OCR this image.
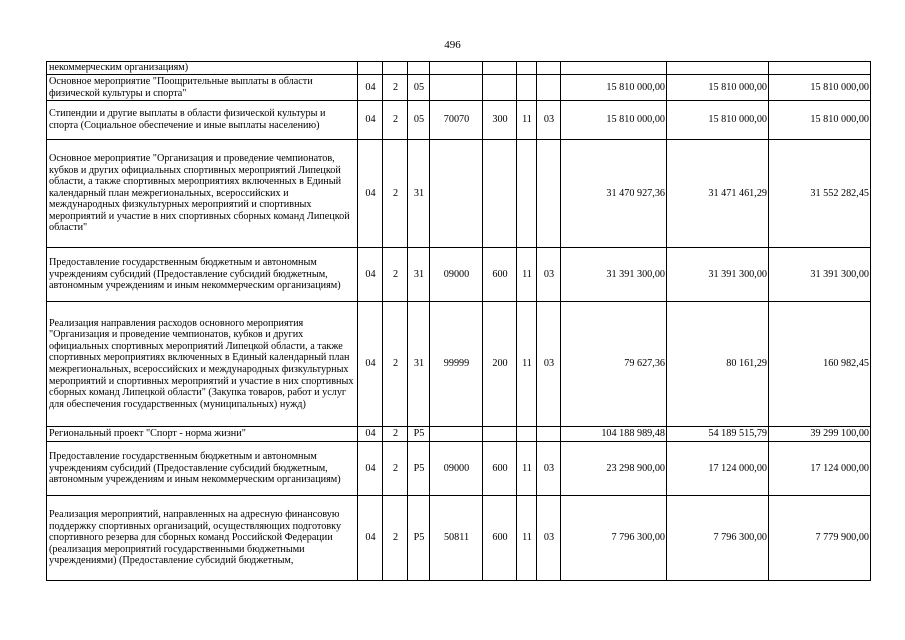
496
некоммерческим организациям)										
Основное мероприятие "Поощрительные выплаты в области физической культуры и спорта"	04	2	05					15 810 000,00	15 810 000,00	15 810 000,00
Стипендии и другие выплаты в области физической культуры и спорта (Социальное обеспечение и иные выплаты населению)	04	2	05	70070	300	11	03	15 810 000,00	15 810 000,00	15 810 000,00
Основное мероприятие "Организация и проведение чемпионатов, кубков и других официальных спортивных мероприятий Липецкой области, а также спортивных мероприятиях включенных в Единый календарный план межрегиональных, всероссийских и международных физкультурных мероприятий и спортивных мероприятий и участие в них спортивных сборных команд Липецкой области"	04	2	31					31 470 927,36	31 471 461,29	31 552 282,45
Предоставление государственным бюджетным и автономным учреждениям субсидий (Предоставление субсидий бюджетным, автономным учреждениям и иным некоммерческим организациям)	04	2	31	09000	600	11	03	31 391 300,00	31 391 300,00	31 391 300,00
Реализация направления расходов основного мероприятия "Организация и проведение чемпионатов, кубков и других официальных спортивных мероприятий Липецкой области, а также спортивных мероприятиях включенных в Единый календарный план межрегиональных, всероссийских и международных физкультурных мероприятий и спортивных мероприятий и участие в них спортивных сборных команд Липецкой области" (Закупка товаров, работ и услуг для обеспечения государственных (муниципальных) нужд)	04	2	31	99999	200	11	03	79 627,36	80 161,29	160 982,45
Региональный проект "Спорт - норма жизни"	04	2	P5					104 188 989,48	54 189 515,79	39 299 100,00
Предоставление государственным бюджетным и автономным учреждениям субсидий (Предоставление субсидий бюджетным, автономным учреждениям и иным некоммерческим организациям)	04	2	P5	09000	600	11	03	23 298 900,00	17 124 000,00	17 124 000,00
Реализация мероприятий, направленных на адресную финансовую поддержку спортивных организаций, осуществляющих подготовку спортивного резерва для сборных команд Российской Федерации (реализация мероприятий государственными бюджетными учреждениями) (Предоставление субсидий бюджетным,	04	2	P5	50811	600	11	03	7 796 300,00	7 796 300,00	7 779 900,00
